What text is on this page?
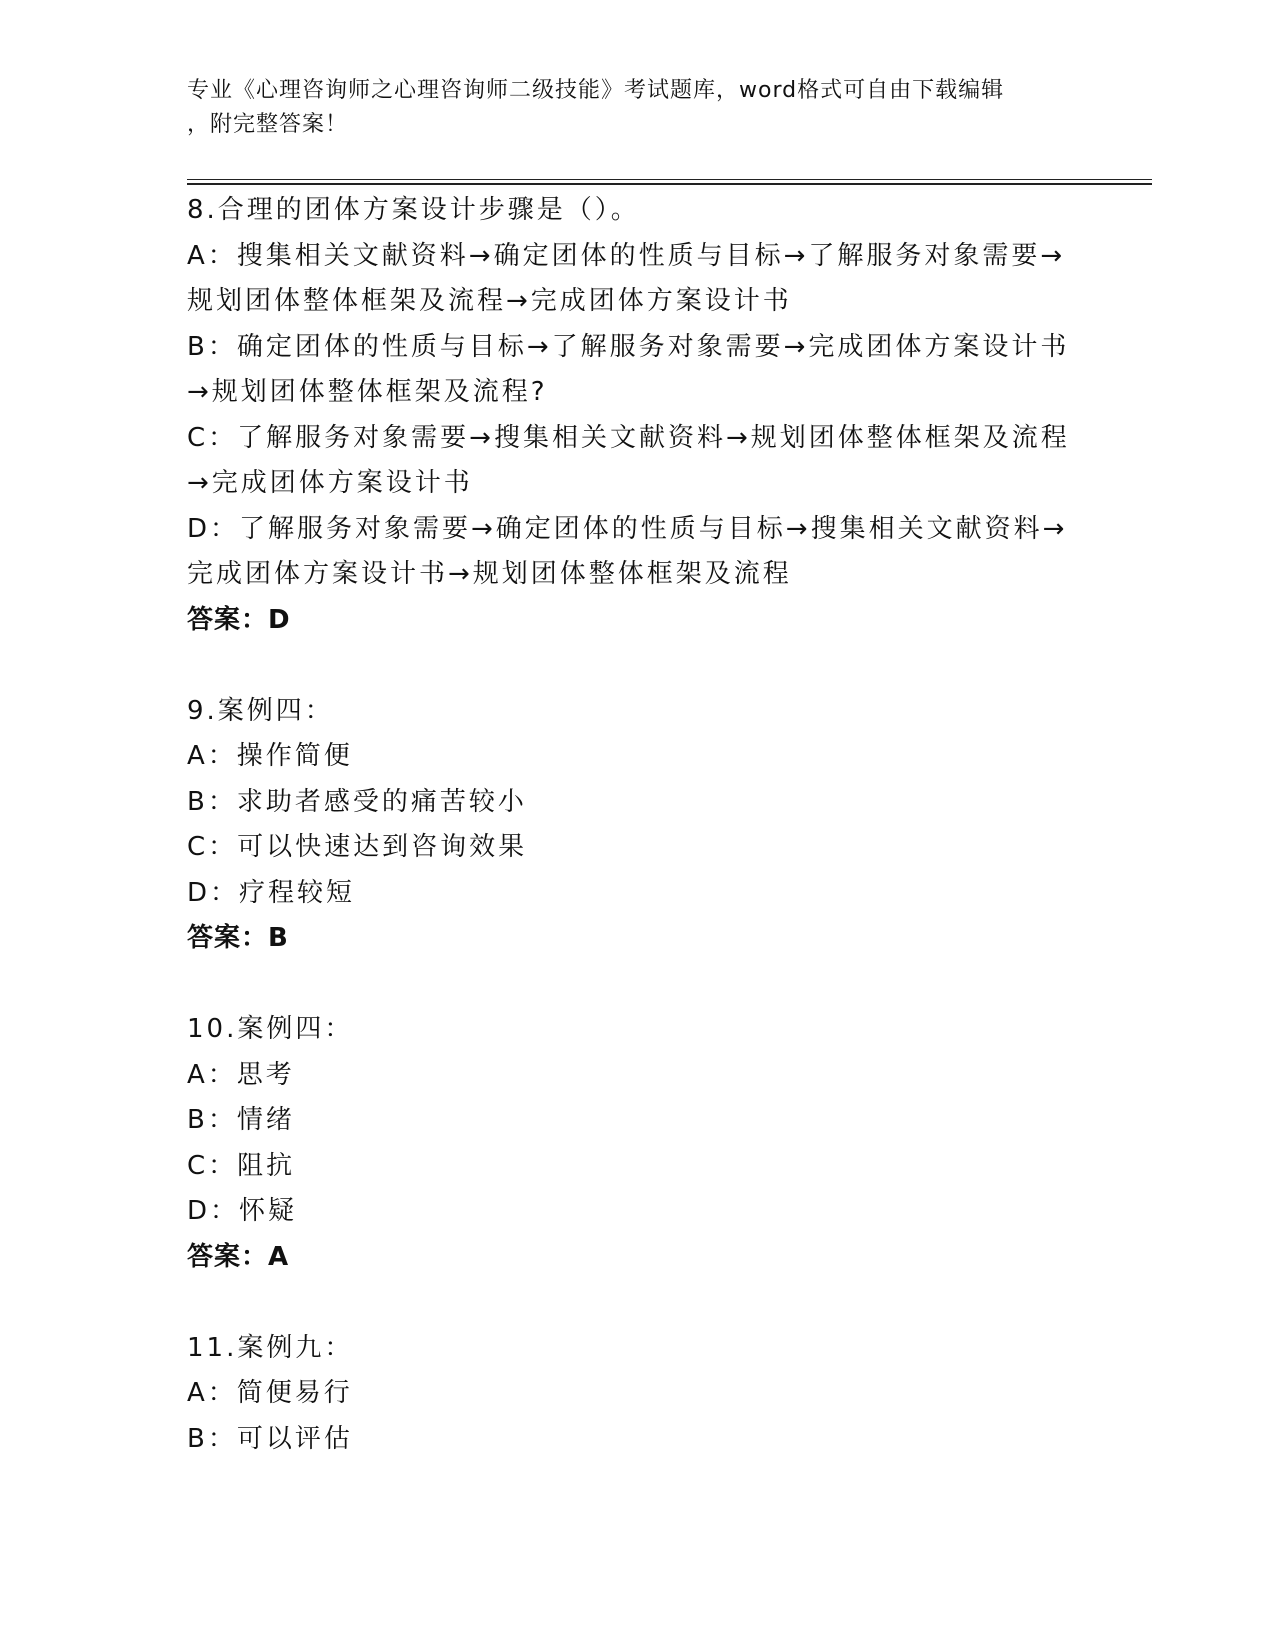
专业《心理咨询师之心理咨询师二级技能》考试题库，word格式可自由下载编辑
，附完整答案！
8.合理的团体方案设计步骤是（）。
A：搜集相关文献资料→确定团体的性质与目标→了解服务对象需要→
规划团体整体框架及流程→完成团体方案设计书
B：确定团体的性质与目标→了解服务对象需要→完成团体方案设计书
→规划团体整体框架及流程?
C：了解服务对象需要→搜集相关文献资料→规划团体整体框架及流程
→完成团体方案设计书
D：了解服务对象需要→确定团体的性质与目标→搜集相关文献资料→
完成团体方案设计书→规划团体整体框架及流程
答案：D
9.案例四：
A：操作简便
B：求助者感受的痛苦较小
C：可以快速达到咨询效果
D：疗程较短
答案：B
10.案例四：
A：思考
B：情绪
C：阻抗
D：怀疑
答案：A
11.案例九：
A：简便易行
B：可以评估
